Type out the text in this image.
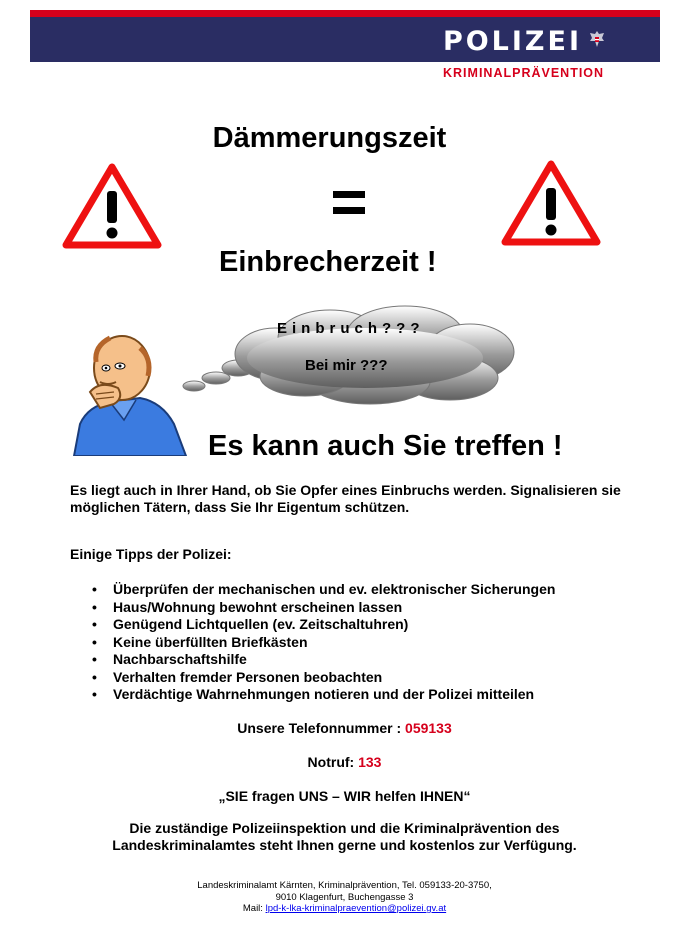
POLIZEI
KRIMINALPRÄVENTION
Dämmerungszeit
Einbrecherzeit !
Einbruch???
Bei mir ???
Es kann auch Sie treffen !
Es liegt auch in Ihrer Hand, ob Sie Opfer eines Einbruchs werden. Signalisieren sie möglichen Tätern, dass Sie Ihr Eigentum schützen.
Einige Tipps der Polizei:
• Überprüfen der mechanischen und ev. elektronischer Sicherungen
• Haus/Wohnung bewohnt erscheinen lassen
• Genügend Lichtquellen (ev. Zeitschaltuhren)
• Keine überfüllten Briefkästen
• Nachbarschaftshilfe
• Verhalten fremder Personen beobachten
• Verdächtige Wahrnehmungen notieren und der Polizei mitteilen
Unsere Telefonnummer : 059133
Notruf: 133
„SIE fragen UNS – WIR helfen IHNEN“
Die zuständige Polizeiinspektion und die Kriminalprävention des
Landeskriminalamtes steht Ihnen gerne und kostenlos zur Verfügung.
Landeskriminalamt Kärnten, Kriminalprävention, Tel. 059133-20-3750,
9010 Klagenfurt, Buchengasse 3
Mail: lpd-k-lka-kriminalpraevention@polizei.gv.at
